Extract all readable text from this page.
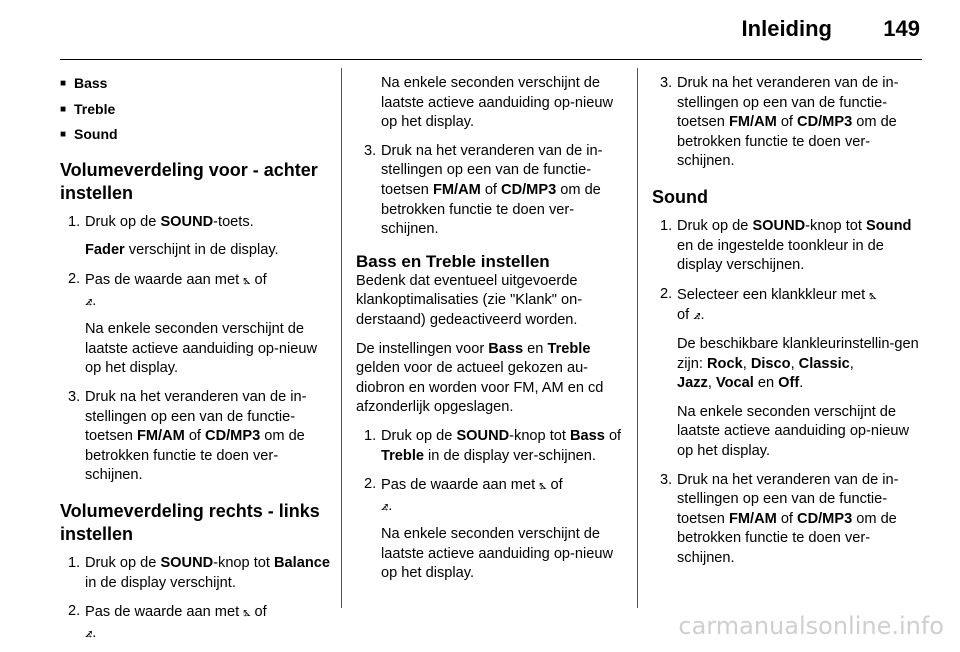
Inleiding 149
■ Bass
■ Treble
■ Sound
Volumeverdeling voor - achter instellen
1. Druk op de SOUND-toets.
Fader verschijnt in de display.
2. Pas de waarde aan met ⦩ of
⦨.
Na enkele seconden verschijnt de laatste actieve aanduiding op-nieuw op het display.
3. Druk na het veranderen van de in-stellingen op een van de functie-toetsen FM/AM of CD/MP3 om de betrokken functie te doen ver-schijnen.
Volumeverdeling rechts - links instellen
1. Druk op de SOUND-knop tot Balance in de display verschijnt.
2. Pas de waarde aan met ⦩ of
⦨.
Na enkele seconden verschijnt de laatste actieve aanduiding op-nieuw op het display.
3. Druk na het veranderen van de in-stellingen op een van de functie-toetsen FM/AM of CD/MP3 om de betrokken functie te doen ver-schijnen.
Bass en Treble instellen

Bedenk dat eventueel uitgevoerde klankoptimalisaties (zie "Klank" on-derstaand) gedeactiveerd worden.

De instellingen voor Bass en Treble gelden voor de actueel gekozen au-diobron en worden voor FM, AM en cd afzonderlijk opgeslagen.

1. Druk op de SOUND-knop tot Bass of Treble in de display ver-schijnen.
2. Pas de waarde aan met ⦩ of
⦨.
Na enkele seconden verschijnt de laatste actieve aanduiding op-nieuw op het display.
3. Druk na het veranderen van de in-stellingen op een van de functie-toetsen FM/AM of CD/MP3 om de betrokken functie te doen ver-schijnen.
Sound
1. Druk op de SOUND-knop tot Sound en de ingestelde toonkleur in de display verschijnen.
2. Selecteer een klankkleur met ⦩
of ⦨.
De beschikbare klankleurinstellin-gen zijn: Rock, Disco, Classic,
Jazz, Vocal en Off.
Na enkele seconden verschijnt de laatste actieve aanduiding op-nieuw op het display.
3. Druk na het veranderen van de in-stellingen op een van de functie-toetsen FM/AM of CD/MP3 om de betrokken functie te doen ver-schijnen.
carmanualsonline.info
